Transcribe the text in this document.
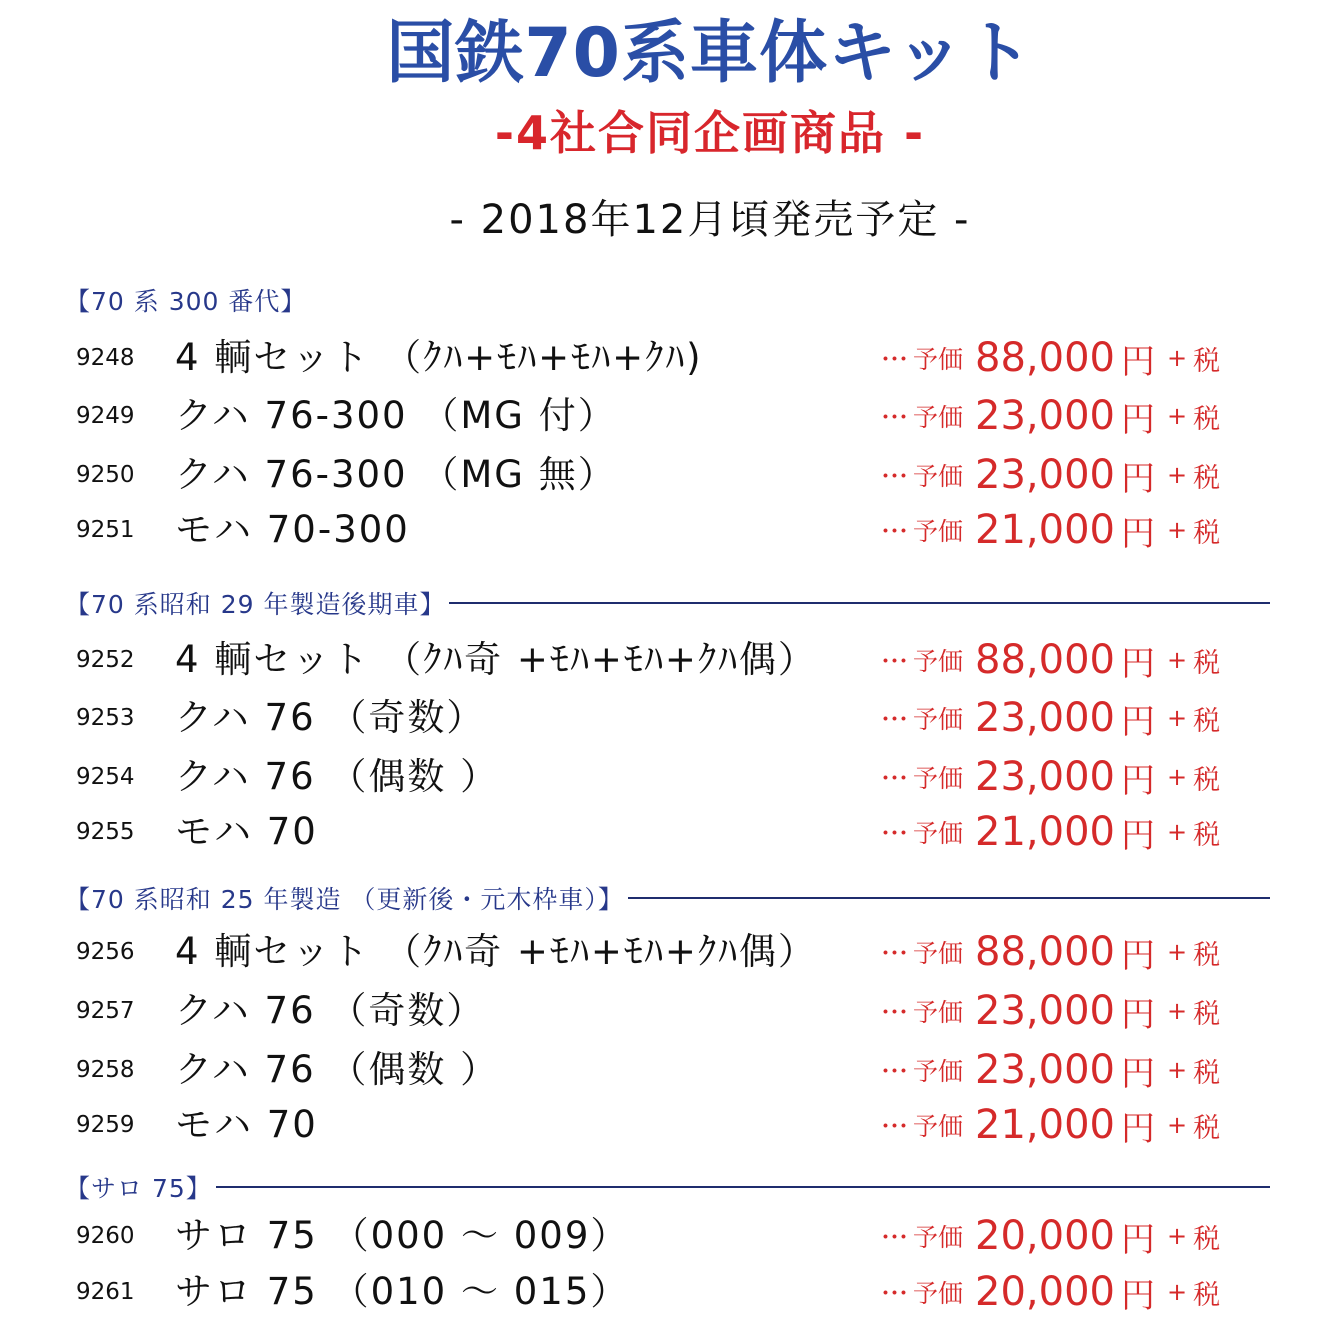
国鉄70系車体キット
-4社合同企画商品 -
- 2018年12月頃発売予定 -
【70 系 300 番代】
9248 4 輌セット （ｸﾊ+ﾓﾊ+ﾓﾊ+ｸﾊ)	･･･ 予価 88,000 円 + 税
9249 クハ 76-300 （MG 付）	･･･ 予価 23,000 円 + 税
9250 クハ 76-300 （MG 無）	･･･ 予価 23,000 円 + 税
9251 モハ 70-300	･･･ 予価 21,000 円 + 税
【70 系昭和 29 年製造後期車】
9252 4 輌セット （ｸﾊ奇 +ﾓﾊ+ﾓﾊ+ｸﾊ偶）	･･･ 予価 88,000 円 + 税
9253 クハ 76 （奇数）	･･･ 予価 23,000 円 + 税
9254 クハ 76 （偶数 ）	･･･ 予価 23,000 円 + 税
9255 モハ 70	･･･ 予価 21,000 円 + 税
【70 系昭和 25 年製造 （更新後・元木枠車）】
9256 4 輌セット （ｸﾊ奇 +ﾓﾊ+ﾓﾊ+ｸﾊ偶）	･･･ 予価 88,000 円 + 税
9257 クハ 76 （奇数）	･･･ 予価 23,000 円 + 税
9258 クハ 76 （偶数 ）	･･･ 予価 23,000 円 + 税
9259 モハ 70	･･･ 予価 21,000 円 + 税
【サロ 75】
9260 サロ 75 （000 ～ 009）	･･･ 予価 20,000 円 + 税
9261 サロ 75 （010 ～ 015）	･･･ 予価 20,000 円 + 税
